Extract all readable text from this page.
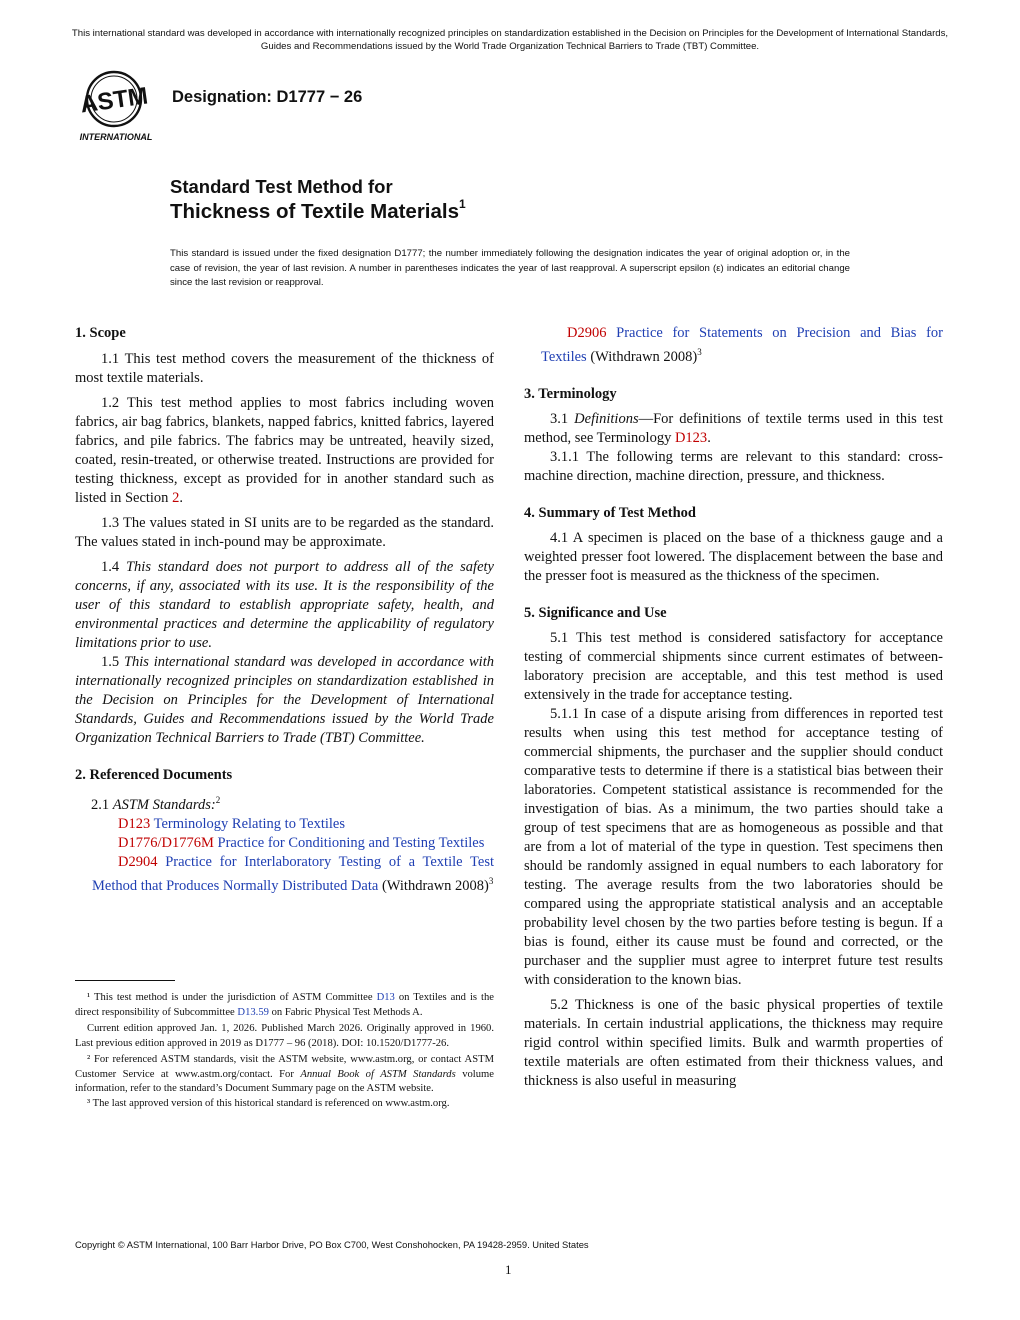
This international standard was developed in accordance with internationally recognized principles on standardization established in the Decision on Principles for the Development of International Standards, Guides and Recommendations issued by the World Trade Organization Technical Barriers to Trade (TBT) Committee.
ASTM
INTERNATIONAL
Designation: D1777 − 26
Standard Test Method for
Thickness of Textile Materials$^1$
This standard is issued under the fixed designation D1777; the number immediately following the designation indicates the year of original adoption or, in the case of revision, the year of last revision. A number in parentheses indicates the year of last reapproval. A superscript epsilon (ε) indicates an editorial change since the last revision or reapproval.
1. Scope

1.1 This test method covers the measurement of the thickness of most textile materials.

1.2 This test method applies to most fabrics including woven fabrics, air bag fabrics, blankets, napped fabrics, knitted fabrics, layered fabrics, and pile fabrics. The fabrics may be untreated, heavily sized, coated, resin-treated, or otherwise treated. Instructions are provided for testing thickness, except as provided for in another standard such as listed in Section 2.

1.3 The values stated in SI units are to be regarded as the standard. The values stated in inch-pound may be approximate.

1.4 This standard does not purport to address all of the safety concerns, if any, associated with its use. It is the responsibility of the user of this standard to establish appropriate safety, health, and environmental practices and determine the applicability of regulatory limitations prior to use.

1.5 This international standard was developed in accordance with internationally recognized principles on standardization established in the Decision on Principles for the Development of International Standards, Guides and Recommendations issued by the World Trade Organization Technical Barriers to Trade (TBT) Committee.

2. Referenced Documents

2.1 ASTM Standards:$^2$

D123 Terminology Relating to Textiles

D1776/D1776M Practice for Conditioning and Testing Textiles

D2904 Practice for Interlaboratory Testing of a Textile Test Method that Produces Normally Distributed Data (Withdrawn 2008)$^3$

¹ This test method is under the jurisdiction of ASTM Committee D13 on Textiles and is the direct responsibility of Subcommittee D13.59 on Fabric Physical Test Methods A.

Current edition approved Jan. 1, 2026. Published March 2026. Originally approved in 1960. Last previous edition approved in 2019 as D1777 – 96 (2018). DOI: 10.1520/D1777-26.

² For referenced ASTM standards, visit the ASTM website, www.astm.org, or contact ASTM Customer Service at www.astm.org/contact. For Annual Book of ASTM Standards volume information, refer to the standard’s Document Summary page on the ASTM website.

³ The last approved version of this historical standard is referenced on www.astm.org.

D2906 Practice for Statements on Precision and Bias for Textiles (Withdrawn 2008)$^3$

3. Terminology

3.1 Definitions—For definitions of textile terms used in this test method, see Terminology D123.

3.1.1 The following terms are relevant to this standard: cross-machine direction, machine direction, pressure, and thickness.

4. Summary of Test Method

4.1 A specimen is placed on the base of a thickness gauge and a weighted presser foot lowered. The displacement between the base and the presser foot is measured as the thickness of the specimen.

5. Significance and Use

5.1 This test method is considered satisfactory for acceptance testing of commercial shipments since current estimates of between-laboratory precision are acceptable, and this test method is used extensively in the trade for acceptance testing.

5.1.1 In case of a dispute arising from differences in reported test results when using this test method for acceptance testing of commercial shipments, the purchaser and the supplier should conduct comparative tests to determine if there is a statistical bias between their laboratories. Competent statistical assistance is recommended for the investigation of bias. As a minimum, the two parties should take a group of test specimens that are as homogeneous as possible and that are from a lot of material of the type in question. Test specimens then should be randomly assigned in equal numbers to each laboratory for testing. The average results from the two laboratories should be compared using the appropriate statistical analysis and an acceptable probability level chosen by the two parties before testing is begun. If a bias is found, either its cause must be found and corrected, or the purchaser and the supplier must agree to interpret future test results with consideration to the known bias.

5.2 Thickness is one of the basic physical properties of textile materials. In certain industrial applications, the thickness may require rigid control within specified limits. Bulk and warmth properties of textile materials are often estimated from their thickness values, and thickness is also useful in measuring

Copyright © ASTM International, 100 Barr Harbor Drive, PO Box C700, West Conshohocken, PA 19428-2959. United States
1
